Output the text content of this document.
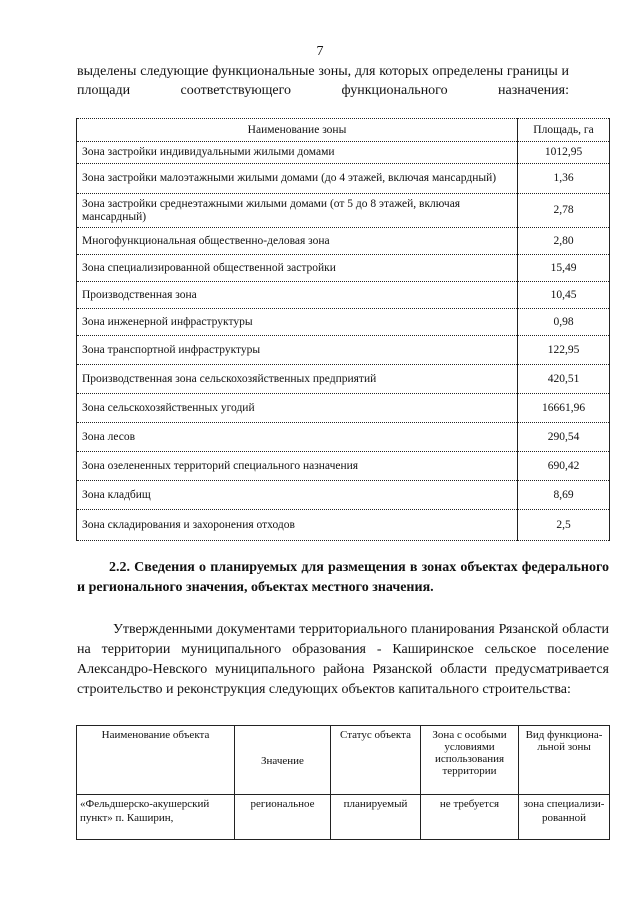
7
выделены следующие функциональные зоны, для которых определены границы и площади соответствующего функционального назначения:
Наименование зоны	Площадь, га
Зона застройки индивидуальными жилыми домами	1012,95
Зона застройки малоэтажными жилыми домами (до 4 этажей, включая мансардный)	1,36
Зона застройки среднеэтажными жилыми домами (от 5 до 8 этажей, включая мансардный)	2,78
Многофункциональная общественно-деловая зона	2,80
Зона специализированной общественной застройки	15,49
Производственная зона	10,45
Зона инженерной инфраструктуры	0,98
Зона транспортной инфраструктуры	122,95
Производственная зона сельскохозяйственных предприятий	420,51
Зона сельскохозяйственных угодий	16661,96
Зона лесов	290,54
Зона озелененных территорий специального назначения	690,42
Зона кладбищ	8,69
Зона складирования и захоронения отходов	2,5
2.2. Сведения о планируемых для размещения в зонах объектах федерального и регионального значения, объектах местного значения.
Утвержденными документами территориального планирования Рязанской области на территории муниципального образования - Каширинское сельское поселение Александро-Невского муниципального района Рязанской области предусматривается строительство и реконструкция следующих объектов капитального строительства:
Наименование объекта	Значение	Статус объекта	Зона с особыми условиями использования территории	Вид функциона-льной зоны
«Фельдшерско-акушерский пункт» п. Каширин,	региональное	планируемый	не требуется	зона специализи-рованной
